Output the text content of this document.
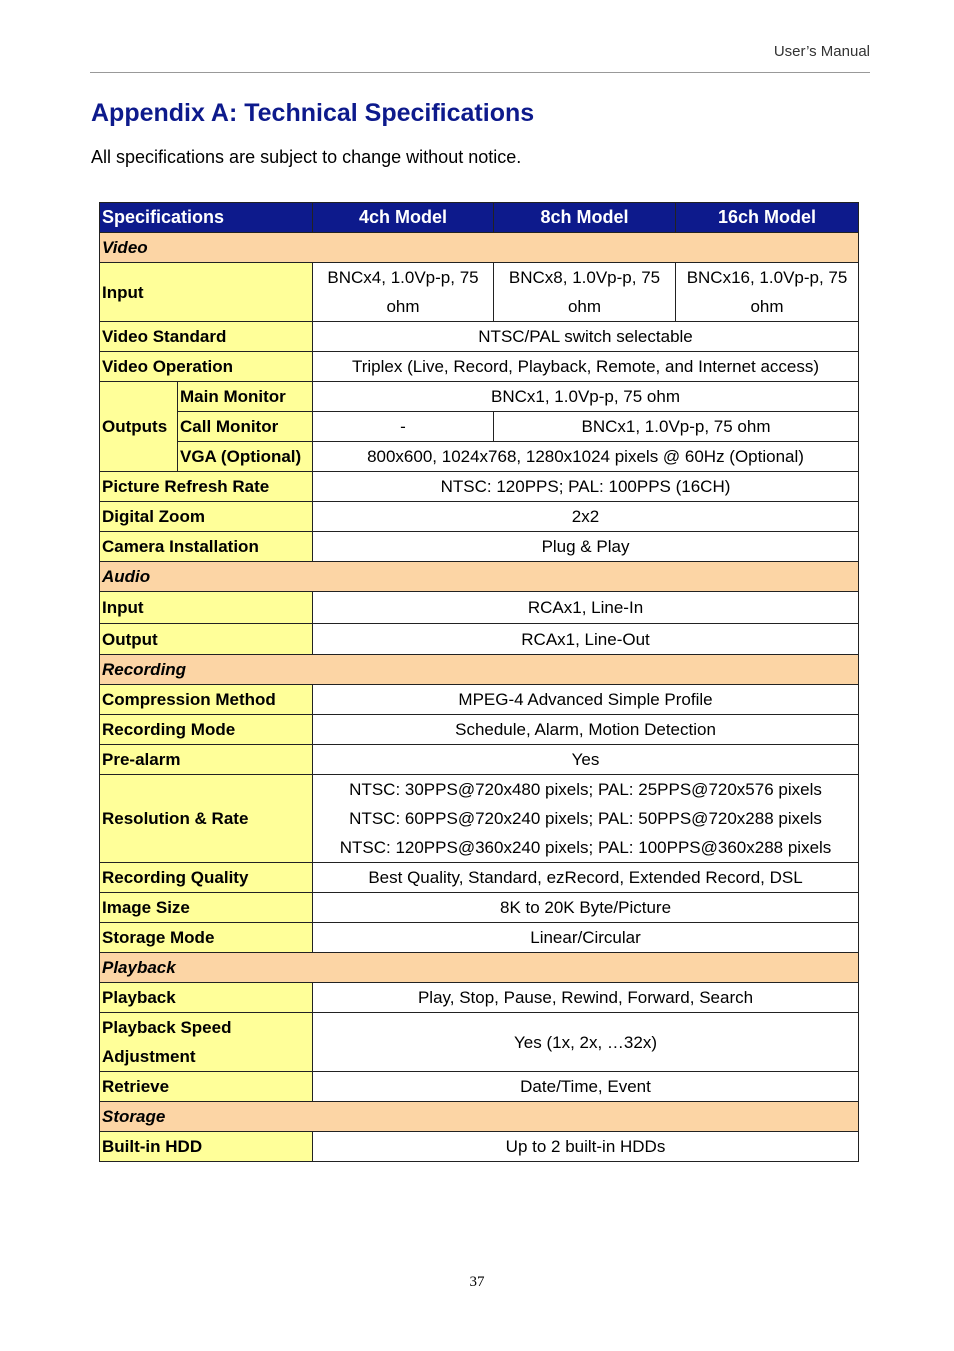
User’s Manual
Appendix A: Technical Specifications
All specifications are subject to change without notice.
Specifications		4ch Model	8ch Model	16ch Model
Video				
Input		BNCx4, 1.0Vp-p, 75 ohm	BNCx8, 1.0Vp-p, 75 ohm	BNCx16, 1.0Vp-p, 75 ohm
Video Standard		NTSC/PAL switch selectable		
Video Operation		Triplex (Live, Record, Playback, Remote, and Internet access)		
Outputs	Main Monitor	BNCx1, 1.0Vp-p, 75 ohm		
	Call Monitor	-	BNCx1, 1.0Vp-p, 75 ohm	
	VGA (Optional)	800x600, 1024x768, 1280x1024 pixels @ 60Hz (Optional)		
Picture Refresh Rate		NTSC: 120PPS; PAL: 100PPS (16CH)		
Digital Zoom		2x2		
Camera Installation		Plug & Play		
Audio				
Input		RCAx1, Line-In		
Output		RCAx1, Line-Out		
Recording				
Compression Method		MPEG-4 Advanced Simple Profile		
Recording Mode		Schedule, Alarm, Motion Detection		
Pre-alarm		Yes		
Resolution & Rate		NTSC: 30PPS@720x480 pixels; PAL: 25PPS@720x576 pixels
NTSC: 60PPS@720x240 pixels; PAL: 50PPS@720x288 pixels
NTSC: 120PPS@360x240 pixels; PAL: 100PPS@360x288 pixels		

Recording Quality		Best Quality, Standard, ezRecord, Extended Record, DSL		
Image Size		8K to 20K Byte/Picture		
Storage Mode		Linear/Circular		
Playback				
Playback		Play, Stop, Pause, Rewind, Forward, Search		
Playback Speed Adjustment		Yes (1x, 2x, …32x)		
Retrieve		Date/Time, Event		
Storage				
Built-in HDD		Up to 2 built-in HDDs		
37
